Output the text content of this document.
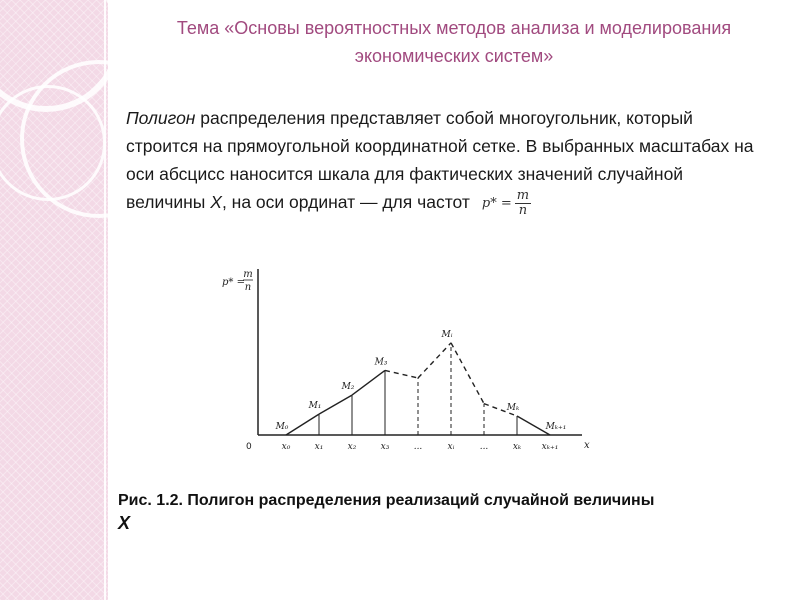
Тема «Основы вероятностных методов анализа и моделирования
экономических систем»
Полигон распределения представляет собой многоугольник, который строится на прямоугольной координатной сетке. В выбранных масштабах на оси абсцисс наносится шкала для фактических значений случайной величины X, на оси ординат — для частот $p* = \frac{m}{n}$
p* =
m
n
x
0	x₀	x₁	x₂	x₃	...	xᵢ	...	xₖ xₖ₊₁
M₀
M₁
M₂
M₃
Mᵢ
Mₖ
Mₖ₊₁
Рис. 1.2. Полигон распределения реализаций случайной величины
X
